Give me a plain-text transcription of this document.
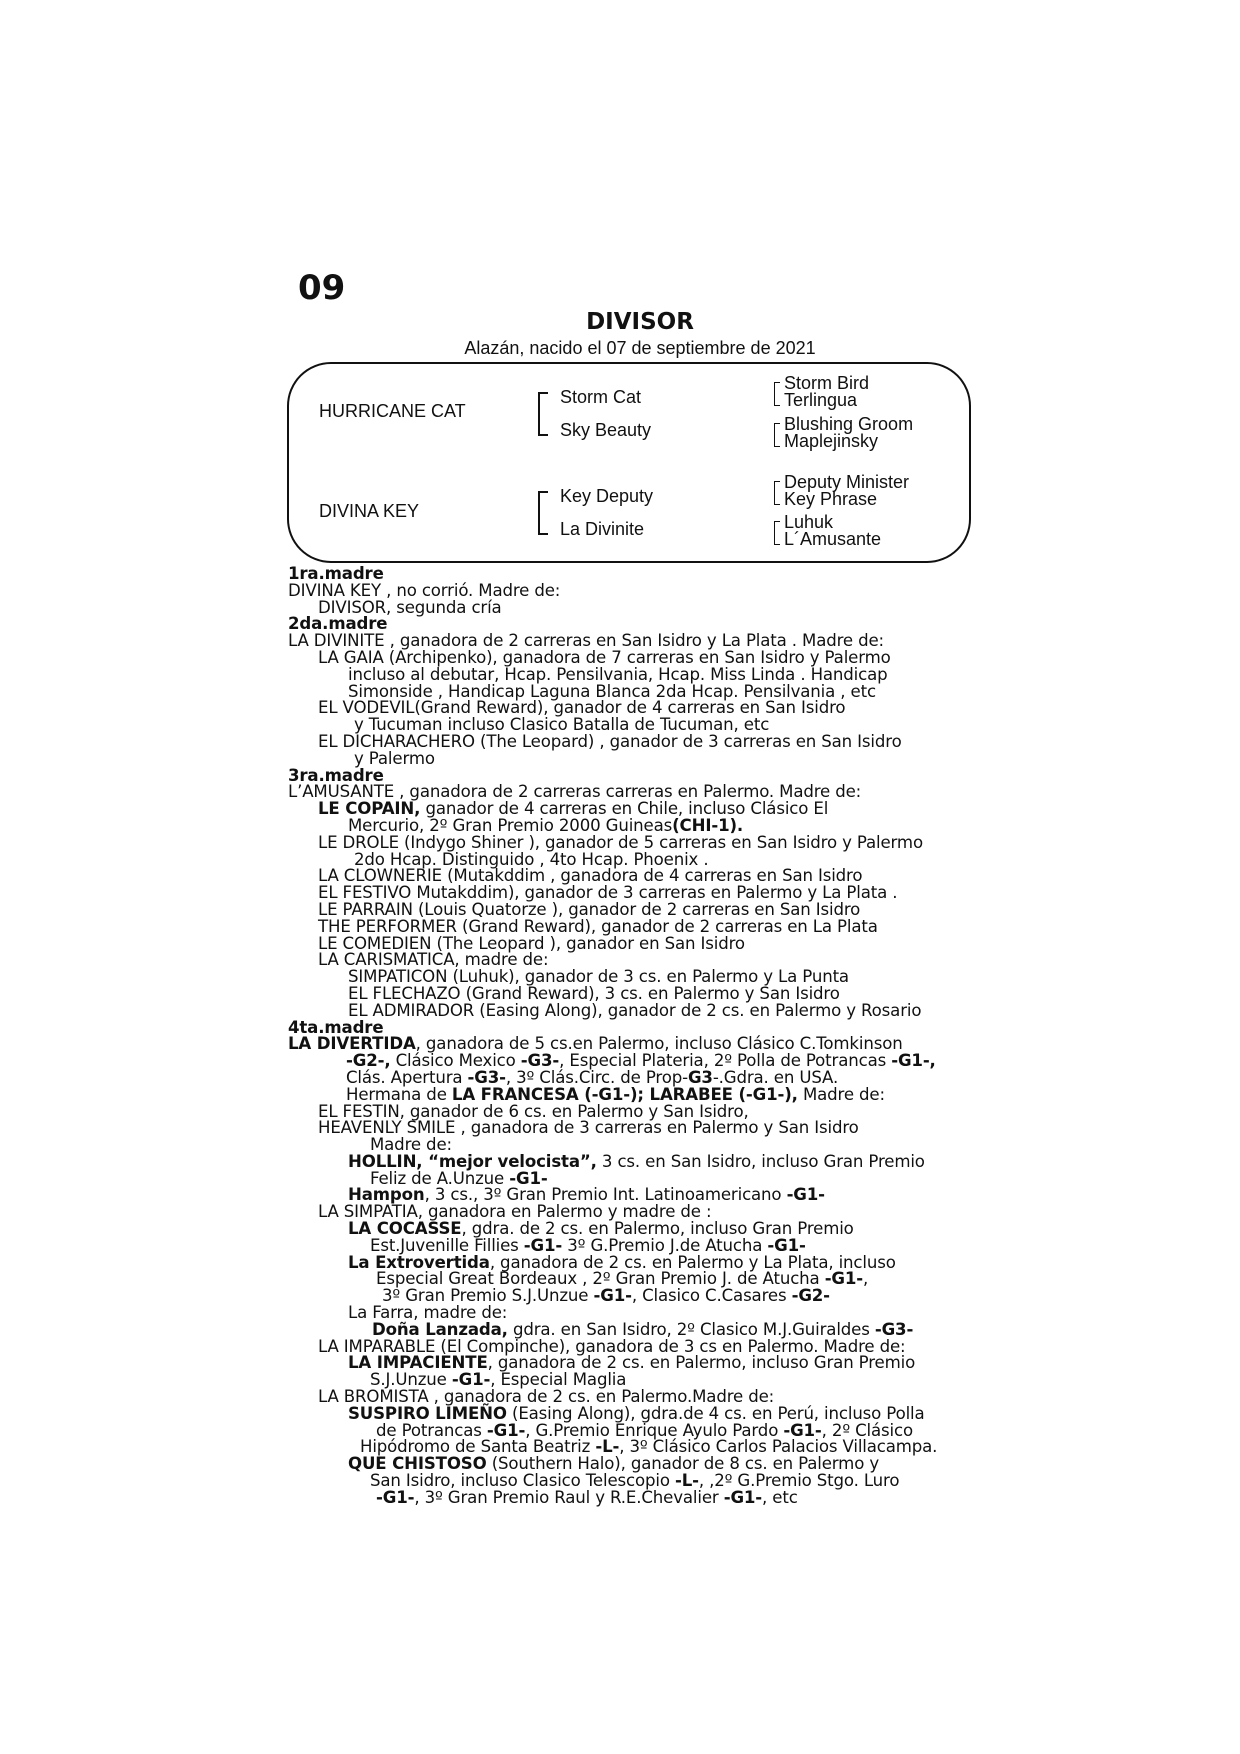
09
DIVISOR
Alazán, nacido el 07 de septiembre de 2021
HURRICANE CAT
DIVINA KEY
Storm Cat
Sky Beauty
Key Deputy
La Divinite
Storm Bird
Terlingua
Blushing Groom
Maplejinsky
Deputy Minister
Key Phrase
Luhuk
L´Amusante
1ra.madre
DIVINA KEY , no corrió. Madre de:
DIVISOR, segunda cría
2da.madre
LA DIVINITE , ganadora de 2 carreras en San Isidro y La Plata . Madre de:
LA GAIA (Archipenko), ganadora de 7 carreras en San Isidro y Palermo
incluso al debutar, Hcap. Pensilvania, Hcap. Miss Linda . Handicap
Simonside , Handicap Laguna Blanca 2da Hcap. Pensilvania , etc
EL VODEVIL(Grand Reward), ganador de 4 carreras en San Isidro
y Tucuman incluso Clasico Batalla de Tucuman, etc
EL DICHARACHERO (The Leopard) , ganador de 3 carreras en San Isidro
y Palermo
3ra.madre
L’AMUSANTE , ganadora de 2 carreras carreras en Palermo. Madre de:
LE COPAIN, ganador de 4 carreras en Chile, incluso Clásico El
Mercurio, 2º Gran Premio 2000 Guineas(CHI-1).
LE DROLE (Indygo Shiner ), ganador de 5 carreras en San Isidro y Palermo
2do Hcap. Distinguido , 4to Hcap. Phoenix .
LA CLOWNERIE (Mutakddim , ganadora de 4 carreras en San Isidro
EL FESTIVO Mutakddim), ganador de 3 carreras en Palermo y La Plata .
LE PARRAIN (Louis Quatorze ), ganador de 2 carreras en San Isidro
THE PERFORMER (Grand Reward), ganador de 2 carreras en La Plata
LE COMEDIEN (The Leopard ), ganador en San Isidro
LA CARISMATICA, madre de:
SIMPATICON (Luhuk), ganador de 3 cs. en Palermo y La Punta
EL FLECHAZO (Grand Reward), 3 cs. en Palermo y San Isidro
EL ADMIRADOR (Easing Along), ganador de 2 cs. en Palermo y Rosario
4ta.madre
LA DIVERTIDA, ganadora de 5 cs.en Palermo, incluso Clásico C.Tomkinson
-G2-, Clásico Mexico -G3-, Especial Plateria, 2º Polla de Potrancas -G1-,
Clás. Apertura -G3-, 3º Clás.Circ. de Prop-G3-.Gdra. en USA.
Hermana de LA FRANCESA (-G1-); LARABEE (-G1-), Madre de:
EL FESTIN, ganador de 6 cs. en Palermo y San Isidro,
HEAVENLY SMILE , ganadora de 3 carreras en Palermo y San Isidro
Madre de:
HOLLIN, “mejor velocista”, 3 cs. en San Isidro, incluso Gran Premio
Feliz de A.Unzue -G1-
Hampon, 3 cs., 3º Gran Premio Int. Latinoamericano -G1-
LA SIMPATIA, ganadora en Palermo y madre de :
LA COCASSE, gdra. de 2 cs. en Palermo, incluso Gran Premio
Est.Juvenille Fillies -G1- 3º G.Premio J.de Atucha -G1-
La Extrovertida, ganadora de 2 cs. en Palermo y La Plata, incluso
Especial Great Bordeaux , 2º Gran Premio J. de Atucha -G1-,
3º Gran Premio S.J.Unzue -G1-, Clasico C.Casares -G2-
La Farra, madre de:
Doña Lanzada, gdra. en San Isidro, 2º Clasico M.J.Guiraldes -G3-
LA IMPARABLE (El Compinche), ganadora de 3 cs en Palermo. Madre de:
LA IMPACIENTE, ganadora de 2 cs. en Palermo, incluso Gran Premio
S.J.Unzue -G1-, Especial Maglia
LA BROMISTA , ganadora de 2 cs. en Palermo.Madre de:
SUSPIRO LIMEÑO (Easing Along), gdra.de 4 cs. en Perú, incluso Polla
de Potrancas -G1-, G.Premio Enrique Ayulo Pardo -G1-, 2º Clásico
Hipódromo de Santa Beatriz -L-, 3º Clásico Carlos Palacios Villacampa.
QUE CHISTOSO (Southern Halo), ganador de 8 cs. en Palermo y
San Isidro, incluso Clasico Telescopio -L-, ,2º G.Premio Stgo. Luro
-G1-, 3º Gran Premio Raul y R.E.Chevalier -G1-, etc
